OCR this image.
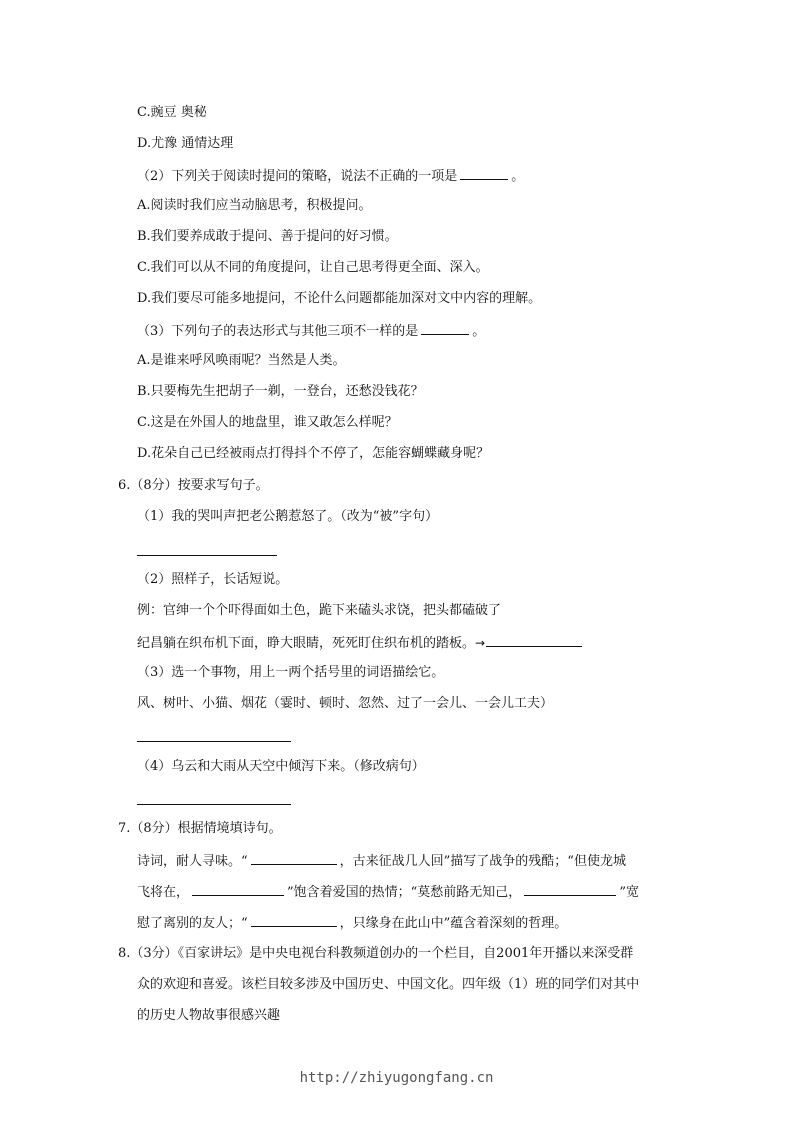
C.豌豆 奥秘
D.尤豫 通情达理
（2）下列关于阅读时提问的策略，说法不正确的一项是	。
A.阅读时我们应当动脑思考，积极提问。
B.我们要养成敢于提问、善于提问的好习惯。
C.我们可以从不同的角度提问，让自己思考得更全面、深入。
D.我们要尽可能多地提问，不论什么问题都能加深对文中内容的理解。
（3）下列句子的表达形式与其他三项不一样的是	。
A.是谁来呼风唤雨呢？当然是人类。
B.只要梅先生把胡子一剃，一登台，还愁没钱花？
C.这是在外国人的地盘里，谁又敢怎么样呢？
D.花朵自己已经被雨点打得抖个不停了，怎能容蝴蝶藏身呢？
6.（8分）按要求写句子。
（1）我的哭叫声把老公鹅惹怒了。（改为“被”字句）
（2）照样子，长话短说。
例：官绅一个个吓得面如土色，跪下来磕头求饶，把头都磕破了
纪昌躺在织布机下面，睁大眼睛，死死盯住织布机的踏板。→
（3）选一个事物，用上一两个括号里的词语描绘它。
风、树叶、小猫、烟花（霎时、顿时、忽然、过了一会儿、一会儿工夫）
（4）乌云和大雨从天空中倾泻下来。（修改病句）
7.（8分）根据情境填诗句。
诗词，耐人寻味。“	，古来征战几人回”描写了战争的残酷；“但使龙城
飞将在，	”饱含着爱国的热情；“莫愁前路无知己，	”宽
慰了离别的友人；“	，只缘身在此山中”蕴含着深刻的哲理。
8.（3分）《百家讲坛》是中央电视台科教频道创办的一个栏目，自2001年开播以来深受群
众的欢迎和喜爱。该栏目较多涉及中国历史、中国文化。四年级（1）班的同学们对其中
的历史人物故事很感兴趣
http://zhiyugongfang.cn
